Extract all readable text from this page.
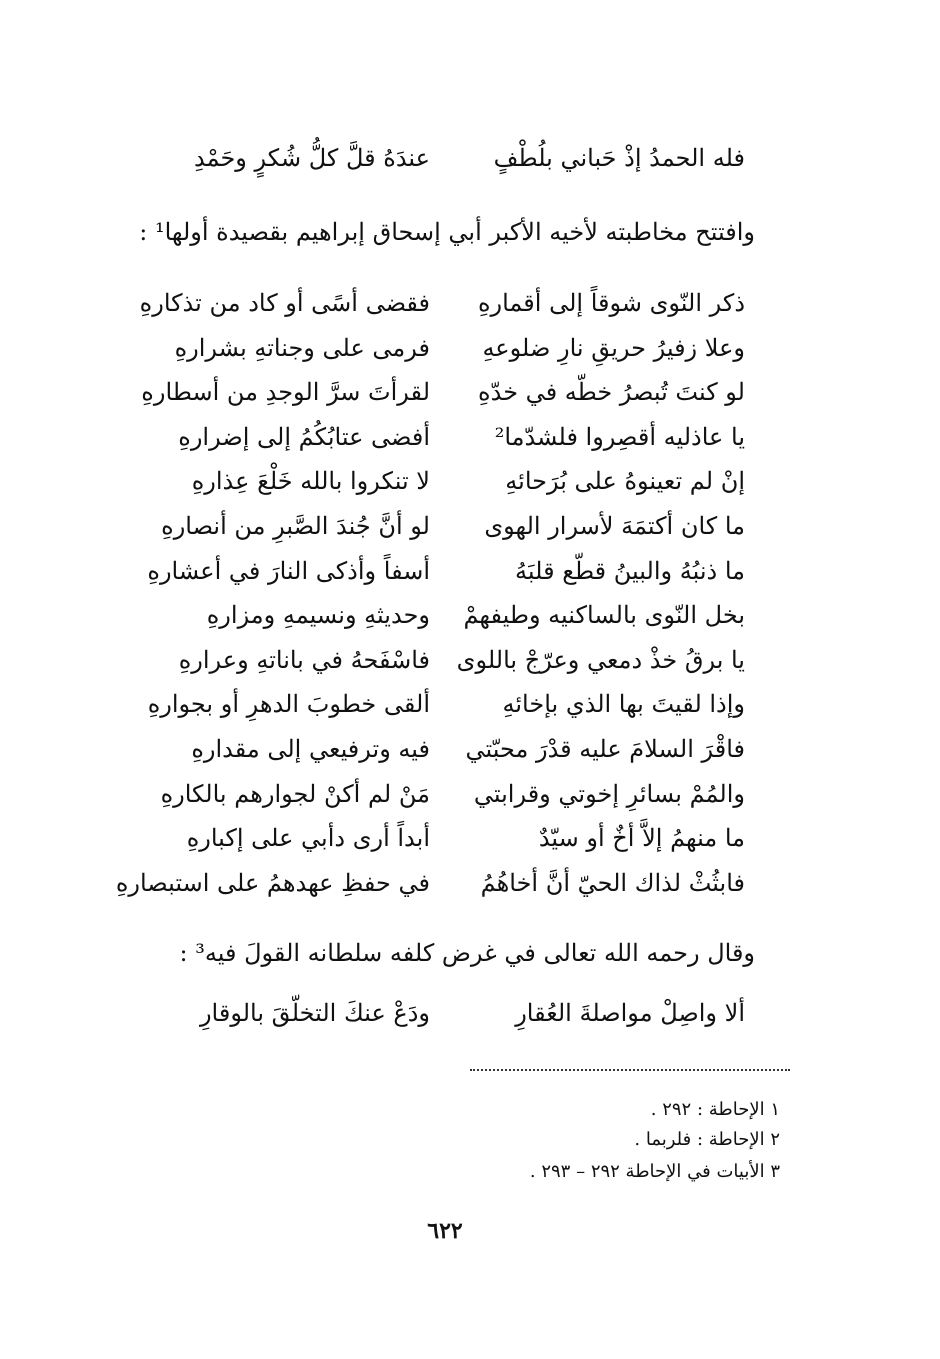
فله الحمدُ إذْ حَباني بلُطْفٍ
عندَهُ قلَّ كلُّ شُكرٍ وحَمْدِ
وافتتح مخاطبته لأخيه الأكبر أبي إسحاق إبراهيم بقصيدة أولها¹ :
ذكر النّوى شوقاً إلى أقمارهِ
فقضى أسًى أو كاد من تذكارهِ
وعلا زفيرُ حريقِ نارِ ضلوعهِ
فرمى على وجناتهِ بشرارهِ
لو كنتَ تُبصرُ خطّه في خدّهِ
لقرأتَ سرَّ الوجدِ من أسطارهِ
يا عاذليه أقصِروا فلشدّما²
أفضى عتابُكُمُ إلى إضرارهِ
إنْ لم تعينوهُ على بُرَحائهِ
لا تنكروا بالله خَلْعَ عِذارهِ
ما كان أكتمَهَ لأسرار الهوى
لو أنَّ جُندَ الصَّبرِ من أنصارهِ
ما ذنبُهُ والبينُ قطّع قلبَهُ
أسفاً وأذكى النارَ في أعشارهِ
بخل النّوى بالساكنيه وطيفهمْ
وحديثهِ ونسيمهِ ومزارهِ
يا برقُ خذْ دمعي وعرّجْ باللوى
فاسْفَحهُ في باناتهِ وعرارهِ
وإذا لقيتَ بها الذي بإخائهِ
ألقى خطوبَ الدهرِ أو بجوارهِ
فاقْرَ السلامَ عليه قدْرَ محبّتي
فيه وترفيعي إلى مقدارهِ
والمُمْ بسائرِ إخوتي وقرابتي
مَنْ لم أكنْ لجوارهم بالكارهِ
ما منهمُ إلاَّ أخٌ أو سيّدٌ
أبداً أرى دأبي على إكبارهِ
فابثُثْ لذاك الحيّ أنَّ أخاهُمُ
في حفظِ عهدهمُ على استبصارهِ
وقال رحمه الله تعالى في غرض كلفه سلطانه القولَ فيه³ :
ألا واصِلْ مواصلةَ العُقارِ
ودَعْ عنكَ التخلّقَ بالوقارِ
١ الإحاطة : ٢٩٢ .
٢ الإحاطة : فلربما .
٣ الأبيات في الإحاطة ٢٩٢ – ٢٩٣ .
٦٢٢
